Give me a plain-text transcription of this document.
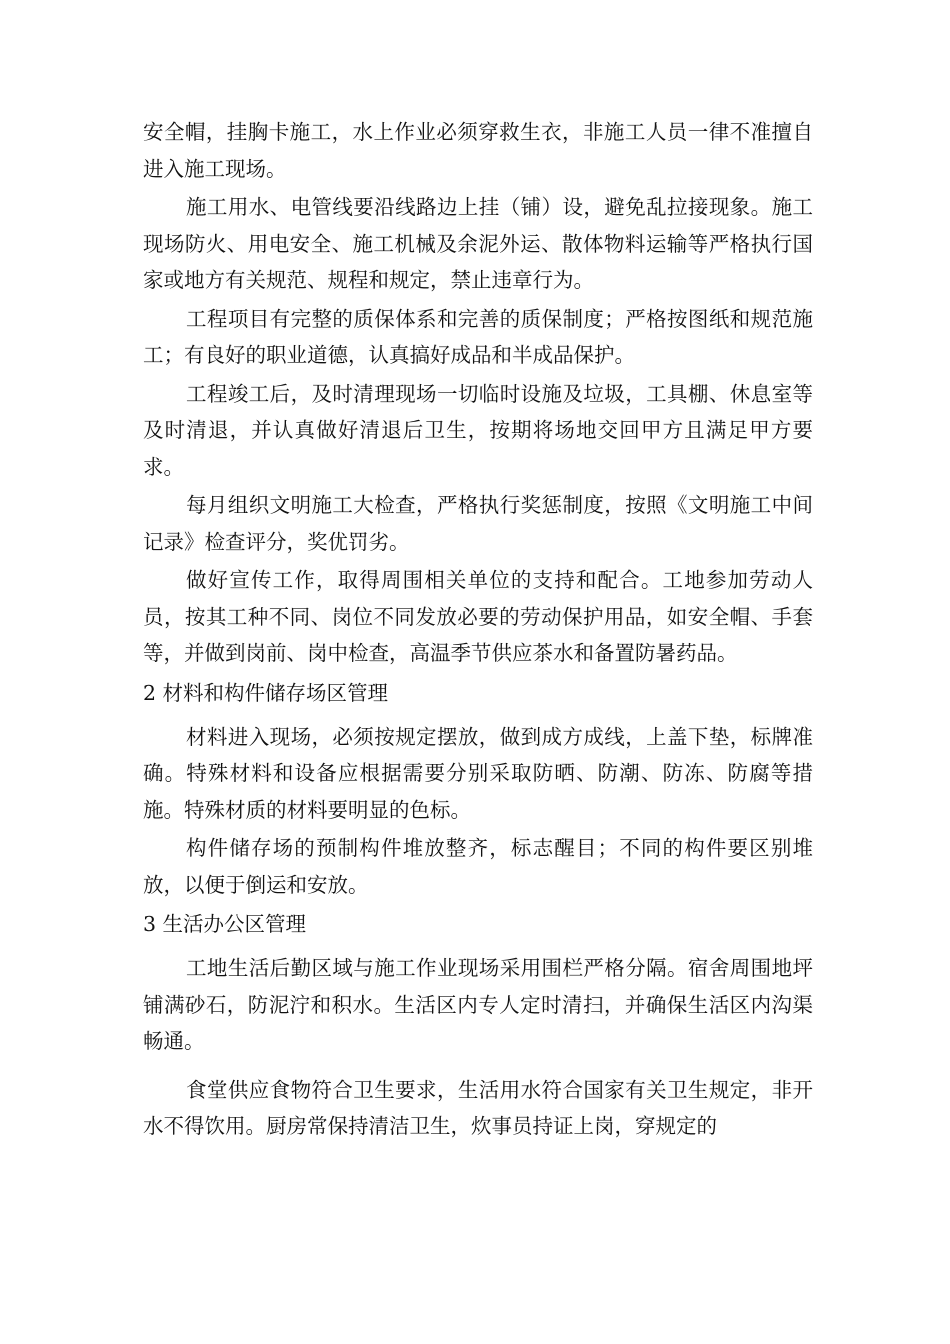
安全帽，挂胸卡施工，水上作业必须穿救生衣，非施工人员一律不准擅自进入施工现场。

施工用水、电管线要沿线路边上挂（铺）设，避免乱拉接现象。施工现场防火、用电安全、施工机械及余泥外运、散体物料运输等严格执行国家或地方有关规范、规程和规定，禁止违章行为。

工程项目有完整的质保体系和完善的质保制度；严格按图纸和规范施工；有良好的职业道德，认真搞好成品和半成品保护。

工程竣工后，及时清理现场一切临时设施及垃圾，工具棚、休息室等及时清退，并认真做好清退后卫生，按期将场地交回甲方且满足甲方要求。

每月组织文明施工大检查，严格执行奖惩制度，按照《文明施工中间记录》检查评分，奖优罚劣。

做好宣传工作，取得周围相关单位的支持和配合。工地参加劳动人员，按其工种不同、岗位不同发放必要的劳动保护用品，如安全帽、手套等，并做到岗前、岗中检查，高温季节供应茶水和备置防暑药品。

2 材料和构件储存场区管理

材料进入现场，必须按规定摆放，做到成方成线，上盖下垫，标牌准确。特殊材料和设备应根据需要分别采取防晒、防潮、防冻、防腐等措施。特殊材质的材料要明显的色标。

构件储存场的预制构件堆放整齐，标志醒目；不同的构件要区别堆放，以便于倒运和安放。

3 生活办公区管理

工地生活后勤区域与施工作业现场采用围栏严格分隔。宿舍周围地坪铺满砂石，防泥泞和积水。生活区内专人定时清扫，并确保生活区内沟渠畅通。

食堂供应食物符合卫生要求，生活用水符合国家有关卫生规定，非开水不得饮用。厨房常保持清洁卫生，炊事员持证上岗，穿规定的
